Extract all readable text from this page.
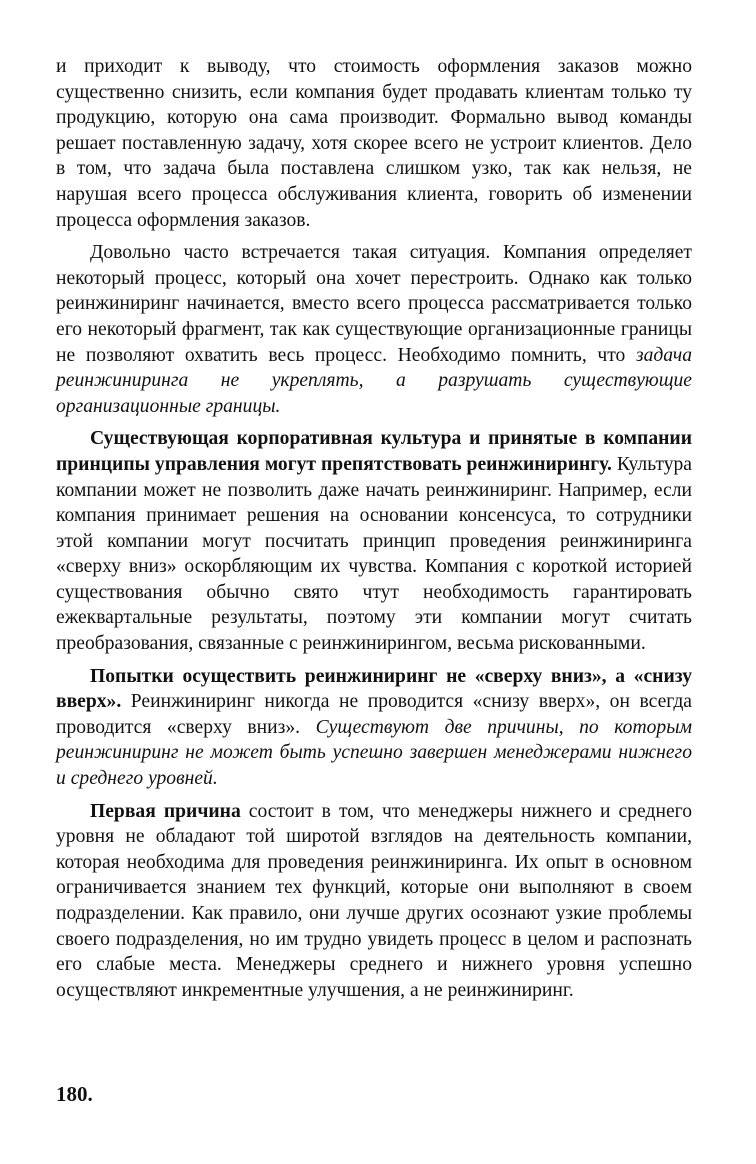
и приходит к выводу, что стоимость оформления заказов можно существенно снизить, если компания будет продавать клиентам только ту продукцию, которую она сама производит. Формально вывод команды решает поставленную задачу, хотя скорее всего не устроит клиентов. Дело в том, что задача была поставлена слишком узко, так как нельзя, не нарушая всего процесса обслуживания клиента, говорить об изменении процесса оформления заказов.

Довольно часто встречается такая ситуация. Компания определяет некоторый процесс, который она хочет перестроить. Однако как только реинжиниринг начинается, вместо всего процесса рассматривается только его некоторый фрагмент, так как существующие организационные границы не позволяют охватить весь процесс. Необходимо помнить, что задача реинжиниринга не укреплять, а разрушать существующие организационные границы.

Существующая корпоративная культура и принятые в компании принципы управления могут препятствовать реинжинирингу. Культура компании может не позволить даже начать реинжиниринг. Например, если компания принимает решения на основании консенсуса, то сотрудники этой компании могут посчитать принцип проведения реинжиниринга «сверху вниз» оскорбляющим их чувства. Компания с короткой историей существования обычно свято чтут необходимость гарантировать ежеквартальные результаты, поэтому эти компании могут считать преобразования, связанные с реинжинирингом, весьма рискованными.

Попытки осуществить реинжиниринг не «сверху вниз», а «снизу вверх». Реинжиниринг никогда не проводится «снизу вверх», он всегда проводится «сверху вниз». Существуют две причины, по которым реинжиниринг не может быть успешно завершен менеджерами нижнего и среднего уровней.

Первая причина состоит в том, что менеджеры нижнего и среднего уровня не обладают той широтой взглядов на деятельность компании, которая необходима для проведения реинжиниринга. Их опыт в основном ограничивается знанием тех функций, которые они выполняют в своем подразделении. Как правило, они лучше других осознают узкие проблемы своего подразделения, но им трудно увидеть процесс в целом и распознать его слабые места. Менеджеры среднего и нижнего уровня успешно осуществляют инкрементные улучшения, а не реинжиниринг.

180.
